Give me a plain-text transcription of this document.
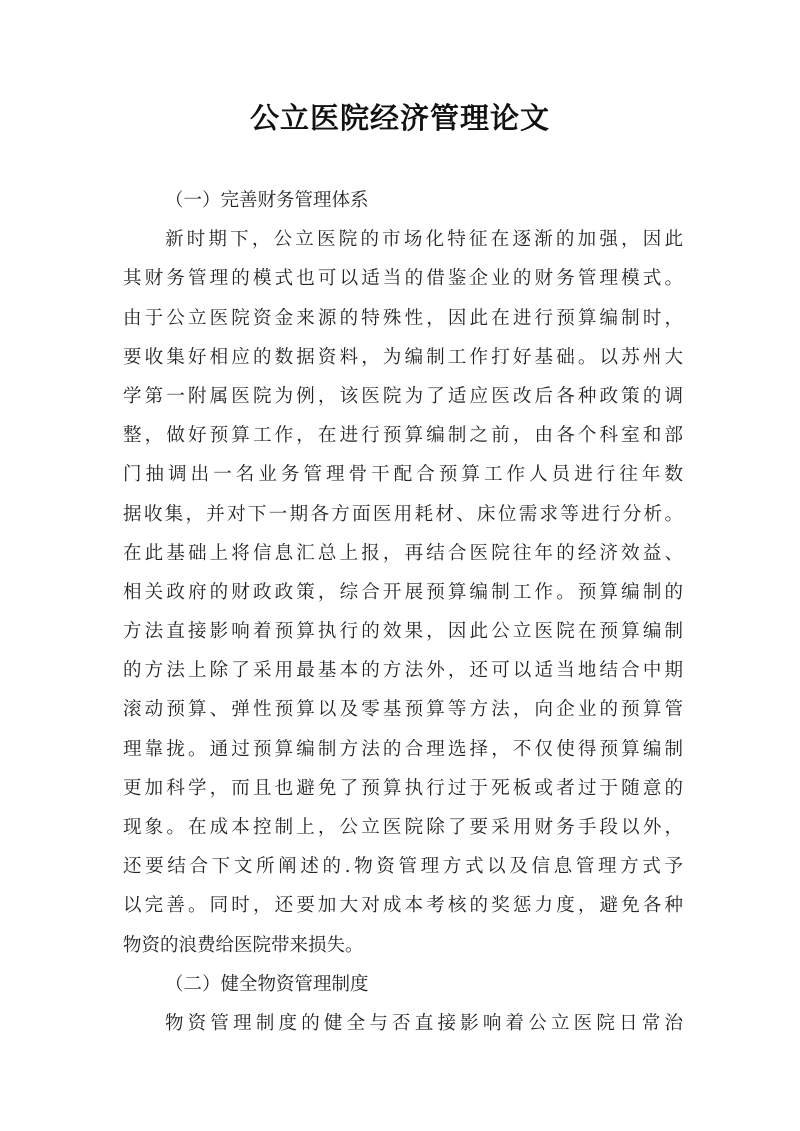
公立医院经济管理论文
（一）完善财务管理体系
新时期下，公立医院的市场化特征在逐渐的加强，因此
其财务管理的模式也可以适当的借鉴企业的财务管理模式。
由于公立医院资金来源的特殊性，因此在进行预算编制时，
要收集好相应的数据资料，为编制工作打好基础。以苏州大
学第一附属医院为例，该医院为了适应医改后各种政策的调
整，做好预算工作，在进行预算编制之前，由各个科室和部
门抽调出一名业务管理骨干配合预算工作人员进行往年数
据收集，并对下一期各方面医用耗材、床位需求等进行分析。
在此基础上将信息汇总上报，再结合医院往年的经济效益、
相关政府的财政政策，综合开展预算编制工作。预算编制的
方法直接影响着预算执行的效果，因此公立医院在预算编制
的方法上除了采用最基本的方法外，还可以适当地结合中期
滚动预算、弹性预算以及零基预算等方法，向企业的预算管
理靠拢。通过预算编制方法的合理选择，不仅使得预算编制
更加科学，而且也避免了预算执行过于死板或者过于随意的
现象。在成本控制上，公立医院除了要采用财务手段以外，
还要结合下文所阐述的.物资管理方式以及信息管理方式予
以完善。同时，还要加大对成本考核的奖惩力度，避免各种
物资的浪费给医院带来损失。
（二）健全物资管理制度
物资管理制度的健全与否直接影响着公立医院日常治
